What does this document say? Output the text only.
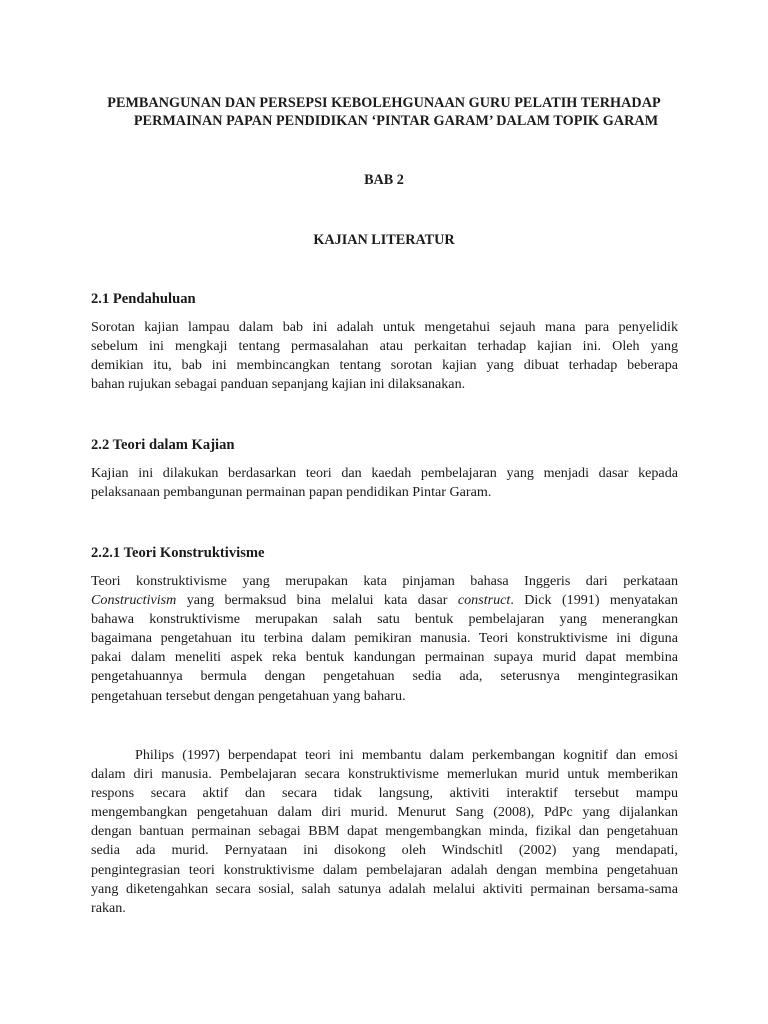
PEMBANGUNAN DAN PERSEPSI KEBOLEHGUNAAN GURU PELATIH TERHADAP

PERMAINAN PAPAN PENDIDIKAN ‘PINTAR GARAM’ DALAM TOPIK GARAM
BAB 2
KAJIAN LITERATUR
2.1 Pendahuluan
Sorotan kajian lampau dalam bab ini adalah untuk mengetahui sejauh mana para penyelidik
sebelum ini mengkaji tentang permasalahan atau perkaitan terhadap kajian ini. Oleh yang
demikian itu, bab ini membincangkan tentang sorotan kajian yang dibuat terhadap beberapa
bahan rujukan sebagai panduan sepanjang kajian ini dilaksanakan.
2.2 Teori dalam Kajian
Kajian ini dilakukan berdasarkan teori dan kaedah pembelajaran yang menjadi dasar kepada
pelaksanaan pembangunan permainan papan pendidikan Pintar Garam.
2.2.1 Teori Konstruktivisme
Teori konstruktivisme yang merupakan kata pinjaman bahasa Inggeris dari perkataan
Constructivism yang bermaksud bina melalui kata dasar construct. Dick (1991) menyatakan
bahawa konstruktivisme merupakan salah satu bentuk pembelajaran yang menerangkan
bagaimana pengetahuan itu terbina dalam pemikiran manusia. Teori konstruktivisme ini diguna
pakai dalam meneliti aspek reka bentuk kandungan permainan supaya murid dapat membina
pengetahuannya bermula dengan pengetahuan sedia ada, seterusnya mengintegrasikan
pengetahuan tersebut dengan pengetahuan yang baharu.
Philips (1997) berpendapat teori ini membantu dalam perkembangan kognitif dan emosi
dalam diri manusia. Pembelajaran secara konstruktivisme memerlukan murid untuk memberikan
respons secara aktif dan secara tidak langsung, aktiviti interaktif tersebut mampu
mengembangkan pengetahuan dalam diri murid. Menurut Sang (2008), PdPc yang dijalankan
dengan bantuan permainan sebagai BBM dapat mengembangkan minda, fizikal dan pengetahuan
sedia ada murid. Pernyataan ini disokong oleh Windschitl (2002) yang mendapati,
pengintegrasian teori konstruktivisme dalam pembelajaran adalah dengan membina pengetahuan
yang diketengahkan secara sosial, salah satunya adalah melalui aktiviti permainan bersama-sama
rakan.
